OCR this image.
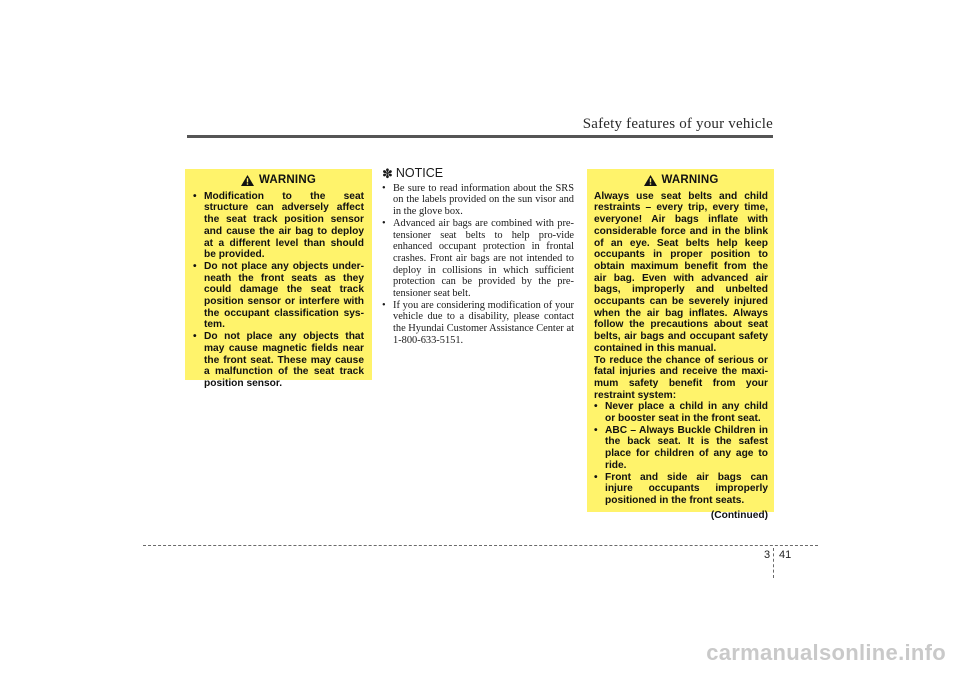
Safety features of your vehicle
WARNING
• Modification to the seat structure can adversely affect the seat track position sensor and cause the air bag to deploy at a different level than should be provided.
• Do not place any objects under-neath the front seats as they could damage the seat track position sensor or interfere with the occupant classification sys-tem.
• Do not place any objects that may cause magnetic fields near the front seat. These may cause a malfunction of the seat track position sensor.
✽ NOTICE
• Be sure to read information about the SRS on the labels provided on the sun visor and in the glove box.
• Advanced air bags are combined with pre-tensioner seat belts to help pro-vide enhanced occupant protection in frontal crashes. Front air bags are not intended to deploy in collisions in which sufficient protection can be provided by the pre-tensioner seat belt.
• If you are considering modification of your vehicle due to a disability, please contact the Hyundai Customer Assistance Center at 1-800-633-5151.
WARNING

Always use seat belts and child restraints – every trip, every time, everyone! Air bags inflate with considerable force and in the blink of an eye. Seat belts help keep occupants in proper position to obtain maximum benefit from the air bag. Even with advanced air bags, improperly and unbelted occupants can be severely injured when the air bag inflates. Always follow the precautions about seat belts, air bags and occupant safety contained in this manual.

To reduce the chance of serious or fatal injuries and receive the maxi-mum safety benefit from your restraint system:

• Never place a child in any child or booster seat in the front seat.
• ABC – Always Buckle Children in the back seat. It is the safest place for children of any age to ride.
• Front and side air bags can injure occupants improperly positioned in the front seats.
(Continued)
3 41
carmanualsonline.info
